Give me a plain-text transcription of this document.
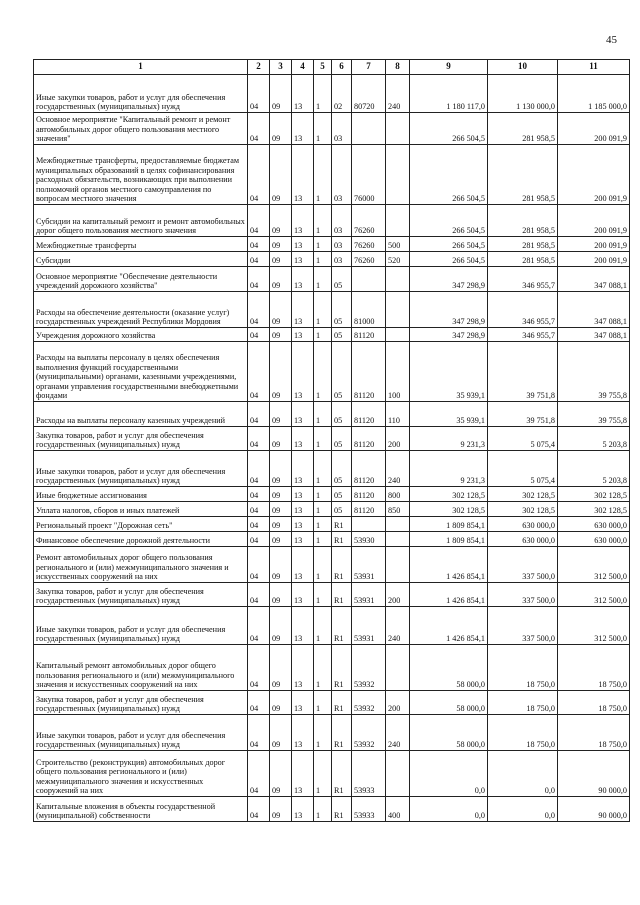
45
1	2	3	4	5	6	7	8	9	10	11
Иные закупки товаров, работ и услуг для обеспечения государственных (муниципальных) нужд	04	09	13	1	02	80720	240	1 180 117,0	1 130 000,0	1 185 000,0
Основное мероприятие "Капитальный ремонт и ремонт автомобильных дорог общего пользования местного значения"	04	09	13	1	03			266 504,5	281 958,5	200 091,9
Межбюджетные трансферты, предоставляемые бюджетам муниципальных образований в целях софинансирования расходных обязательств, возникающих при выполнении полномочий органов местного самоуправления по вопросам местного значения	04	09	13	1	03	76000		266 504,5	281 958,5	200 091,9
Субсидии на капитальный ремонт и ремонт автомобильных дорог общего пользования местного значения	04	09	13	1	03	76260		266 504,5	281 958,5	200 091,9
Межбюджетные трансферты	04	09	13	1	03	76260	500	266 504,5	281 958,5	200 091,9
Субсидии	04	09	13	1	03	76260	520	266 504,5	281 958,5	200 091,9
Основное мероприятие "Обеспечение деятельности учреждений дорожного хозяйства"	04	09	13	1	05			347 298,9	346 955,7	347 088,1
Расходы на обеспечение деятельности (оказание услуг) государственных учреждений Республики Мордовия	04	09	13	1	05	81000		347 298,9	346 955,7	347 088,1
Учреждения дорожного хозяйства	04	09	13	1	05	81120		347 298,9	346 955,7	347 088,1
Расходы на выплаты персоналу в целях обеспечения выполнения функций государственными (муниципальными) органами, казенными учреждениями, органами управления государственными внебюджетными фондами	04	09	13	1	05	81120	100	35 939,1	39 751,8	39 755,8
Расходы на выплаты персоналу казенных учреждений	04	09	13	1	05	81120	110	35 939,1	39 751,8	39 755,8
Закупка товаров, работ и услуг для обеспечения государственных (муниципальных) нужд	04	09	13	1	05	81120	200	9 231,3	5 075,4	5 203,8
Иные закупки товаров, работ и услуг для обеспечения государственных (муниципальных) нужд	04	09	13	1	05	81120	240	9 231,3	5 075,4	5 203,8
Иные бюджетные ассигнования	04	09	13	1	05	81120	800	302 128,5	302 128,5	302 128,5
Уплата налогов, сборов и иных платежей	04	09	13	1	05	81120	850	302 128,5	302 128,5	302 128,5
Региональный проект "Дорожная сеть"	04	09	13	1	R1			1 809 854,1	630 000,0	630 000,0
Финансовое обеспечение дорожной деятельности	04	09	13	1	R1	53930		1 809 854,1	630 000,0	630 000,0
Ремонт автомобильных дорог общего пользования регионального и (или) межмуниципального значения и искусственных сооружений на них	04	09	13	1	R1	53931		1 426 854,1	337 500,0	312 500,0
Закупка товаров, работ и услуг для обеспечения государственных (муниципальных) нужд	04	09	13	1	R1	53931	200	1 426 854,1	337 500,0	312 500,0
Иные закупки товаров, работ и услуг для обеспечения государственных (муниципальных) нужд	04	09	13	1	R1	53931	240	1 426 854,1	337 500,0	312 500,0
Капитальный ремонт автомобильных дорог общего пользования регионального и (или) межмуниципального значения и искусственных сооружений на них	04	09	13	1	R1	53932		58 000,0	18 750,0	18 750,0
Закупка товаров, работ и услуг для обеспечения государственных (муниципальных) нужд	04	09	13	1	R1	53932	200	58 000,0	18 750,0	18 750,0
Иные закупки товаров, работ и услуг для обеспечения государственных (муниципальных) нужд	04	09	13	1	R1	53932	240	58 000,0	18 750,0	18 750,0
Строительство (реконструкция) автомобильных дорог общего пользования регионального и (или) межмуниципального значения и искусственных сооружений на них	04	09	13	1	R1	53933		0,0	0,0	90 000,0
Капитальные вложения в объекты государственной (муниципальной) собственности	04	09	13	1	R1	53933	400	0,0	0,0	90 000,0
